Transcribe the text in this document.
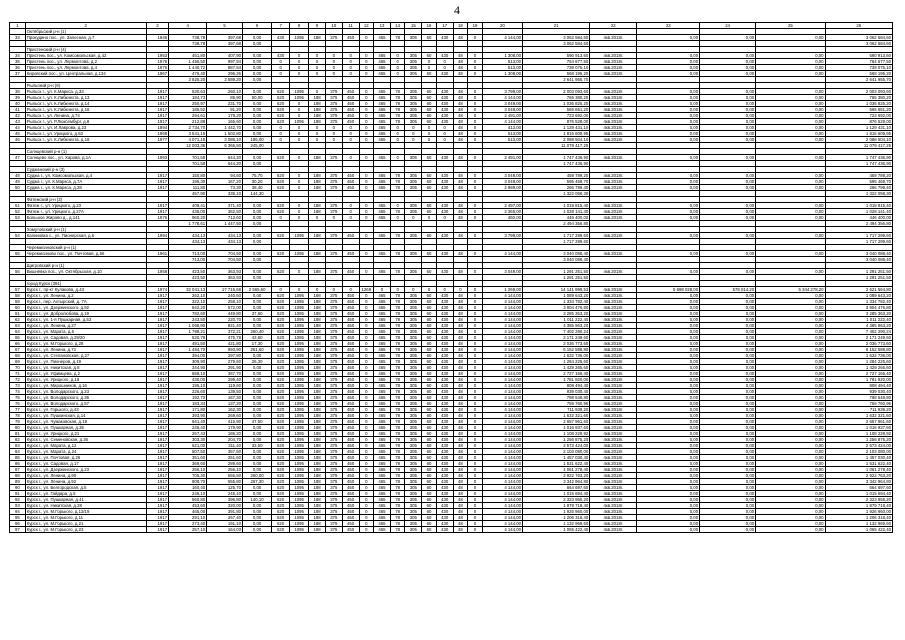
4
1	2	3	4	5	6	7	8	9	10	11	12	13	14	15	16	17	18	19	20	21	22	23	24	25	26
	Октябрьский р-н (1)																								
33	Прокудино пос., ул. Залесная, д.7	1946	738,78	397,68	0,00	430	1095	188	375	450	0	465	78	305	60	430	48	0	4 144,00	3 062 584,60	4кв.2018г.	0,00	0,00	0,00	3 062 584,60
			738,78	397,68	0,00															3 062 584,60					3 062 584,60
	Пристенский р-н (4)																								
34	Пристень пос., ул. Комсомольская, д.42	1953	451,80	407,90	0,00	430	0	0	0	0	0	465	0	305	60	430	48	0	1 308,00	590 913,60	4кв.2018г.	0,00	0,00	0,00	590 913,60
35	Пристень пос., ул. Лермонтова, д.2	1976	1 456,50	997,94	0,00	0	0	0	0	0	0	465	0	305	0	0	48	0	513,00	764 677,50	4кв.2018г.	0,00	0,00	0,00	764 677,50
36	Пристень пос., ул. Лермонтова, д.4	1976	1 440,72	887,84	0,00	0	0	0	0	0	0	465	0	305	0	0	48	0	513,00	739 075,10	4кв.2018г.	0,00	0,00	0,00	739 075,10
37	Кировский пос., ул. Центральная, д.134	1967	476,40	296,26	0,00	0	0	0	0	0	0	465	0	305	60	430	48	0	1 308,00	568 195,20	4кв.2018г.	0,00	0,00	0,00	568 195,20
			3 825,20	2 589,20	0,00															2 641 955,70					2 641 955,70
	Рыльский р-н (9)																								
38	Рыльск г., ул. К.Маркса, д.33	1917	530,63	260,10	0,00	620	1095	0	375	450	0	465	78	305	60	430	48	0	3 798,00	2 003 093,60	4кв.2018г.	0,00	0,00	0,00	2 003 093,60
39	Рыльск г., ул. К.Либкнехта, д.13	1917	184,73	85,90	50,00	620	1095	188	375	450	0	465	78	305	60	430	48	0	4 144,00	765 380,20	4кв.2018г.	0,00	0,00	0,00	765 380,20
40	Рыльск г., ул. К.Либкнехта, д.14	1917	250,97	231,70	0,00	620	0	188	375	450	0	465	78	305	60	430	48	0	3 049,00	1 036 825,20	4кв.2018г.	0,00	0,00	0,00	1 036 825,20
41	Рыльск г., ул. К.Либкнехта, д.16	1917	185,52	91,20	0,00	620	0	188	375	450	0	465	78	305	60	430	48	0	3 049,00	565 651,20	4кв.2018г.	0,00	0,00	0,00	565 651,20
42	Рыльск г., ул. Ленина, д.74	1917	294,61	179,20	0,00	620	0	188	375	450	0	465	78	305	60	430	48	0	2 491,00	723 692,00	4кв.2018г.	0,00	0,00	0,00	723 692,00
43	Рыльск г., ул. Р.Люксембург, д.8	1917	212,88	165,60	0,00	620	1095	188	375	450	0	465	78	305	60	430	48	0	4 144,00	876 528,00	4кв.2018г.	0,00	0,00	0,00	876 528,00
44	Рыльск г., ул. И.Лаврова, д.23	1894	2 734,70	1 442,70	0,00	0	0	0	0	0	0	465	0	0	0	0	48	0	413,00	1 129 431,10	4кв.2018г.	0,00	0,00	0,00	1 129 431,10
45	Рыльск г., ул. Урицкого, д.62	1968	3 541,15	1 502,80	0,00	0	0	0	0	0	0	465	0	0	0	0	48	0	513,00	1 816 609,95	4кв.2018г.	0,00	0,00	0,00	1 816 609,95
46	Рыльск г., ул. К.Либкнехта, д.18	1977	4 071,16	2 086,10	185,00	0	0	0	0	0	0	465	0	0	0	0	48	0	513,00	2 088 504,10	4кв.2018г.	0,00	0,00	0,00	2 088 504,10
			12 003,36	6 365,50	245,00															11 079 417,25					11 079 417,25
	Солнцевский р-н (1)																								
47	Солнцево пос., ул. Харова, д.1А	1993	701,58	644,20	0,00	620	0	188	375	0	0	465	0	305	60	430	48	0	2 491,00	1 747 436,90	4кв.2018г.	0,00	0,00	0,00	1 747 436,90
			701,58	644,20	0,00															1 747 436,90					1 747 436,90
	Суджанский р-н (3)																								
48	Суджа г., ул. Комсомольская, д.4	1917	150,80	94,60	75,70	620	0	188	375	450	0	465	78	305	60	430	48	0	3 049,00	459 789,20	4кв.2018г.	0,00	0,00	0,00	459 789,20
49	Суджа г., ул. К.Маркса, д.7А	1917	195,30	167,20	30,20	620	0	188	375	450	0	465	78	305	60	430	48	0	3 049,00	595 469,70	4кв.2018г.	0,00	0,00	0,00	595 469,70
50	Суджа г., ул. К.Маркса, д.28	1917	111,80	73,30	38,40	620	0	188	375	450	0	465	78	305	60	430	48	0	2 989,00	266 799,40	4кв.2018г.	0,00	0,00	0,00	266 799,40
			457,90	335,10	144,30															1 322 058,30					1 322 058,30
	Фатежский р-н (3)																								
51	Фатеж г., ул. Урицкого, д.23	1917	409,41	371,40	0,00	620	0	188	375	0	0	465	0	305	60	430	48	0	2 497,00	1 019 815,40	4кв.2018г.	0,00	0,00	0,00	1 019 815,40
52	Фатеж г., ул. Урицкого, д.27А	1917	435,00	362,50	0,00	620	0	188	375	0	0	465	78	305	60	430	48	0	2 365,00	1 028 141,40	4кв.2018г.	0,00	0,00	0,00	1 028 141,40
53	Большое Жирово д., д.141	1976	960,20	713,60	0,00	0	0	0	0	0	0	465	0	0	0	0	48	0	460,00	446 400,00	4кв.2018г.	0,00	0,00	0,00	446 400,00
			1 778,61	1 447,50	0,00															2 494 356,80					2 494 356,80
	Хомутовский р-н (1)																								
54	Калиновка с., ул. Пионерская, д.6	1994	434,13	434,13	0,00	620	1095	188	375	450	0	465	78	305	60	430	48	0	3 798,00	1 717 299,60	4кв.2018г.	0,00	0,00	0,00	1 717 299,60
			434,13	434,13	0,00															1 717 299,60					1 717 299,60
	Черемисиновский р-н (1)																								
55	Черемисиново пос., ул. Почтовая, д.56	1961	713,00	704,50	0,00	620	1095	188	375	450	0	465	78	305	60	430	48	0	4 144,00	3 040 088,40	4кв.2018г.	0,00	0,00	0,00	3 040 088,40
			713,00	704,50	0,00															3 040 088,40					3 040 088,40
	Щигровский р-н (1)																								
56	Вишнёвка пос., ул. Октябрьская, д.10	1958	423,50	363,93	0,00	620	0	188	375	450	0	465	78	305	60	430	48	0	3 049,00	1 291 251,50	4кв.2018г.	0,00	0,00	0,00	1 291 251,50
			423,50	363,93	0,00															1 291 251,50					1 291 251,50
	город Курск (391)																								
57	Курск г., пр-кт Кулакова, д.43	1974	32 041,13	17 715,68	2 565,60	0	0	0	0	0	1269	0	0	0	0	0	0	0	1 269,00	14 141 999,53	4кв.2018г.	5 698 028,00	578 014,20	5 344 278,20	2 621 564,80
58	Курск г., ул. Ленина, д.2	1917	262,10	240,60	0,00	620	1095	188	375	450	0	465	78	305	60	430	48	0	4 144,00	1 089 643,20	4кв.2018г.	0,00	0,00	0,00	1 089 643,20
59	Курск г., пер. Ахтырский, д. 7А	1917	322,10	258,10	0,00	620	1095	188	375	450	0	465	78	305	60	430	48	0	4 144,00	1 334 782,40	4кв.2018г.	0,00	0,00	0,00	1 334 782,40
60	Курск г., ул. Дзержинского, д.92	1917	942,20	572,00	0,00	620	1095	188	375	450	0	465	78	305	60	430	48	0	4 144,00	3 904 476,80	4кв.2018г.	0,00	0,00	0,00	3 904 476,80
61	Курск г., ул. Добролюбова, д.19	1917	782,60	449,80	37,60	620	1095	188	375	450	0	465	78	305	60	430	48	0	4 144,00	3 285 363,20	4кв.2018г.	0,00	0,00	0,00	3 285 363,20
62	Курск г., ул. 1-я Пушкарная, д.53	1917	243,50	220,70	0,00	620	1095	188	375	450	0	465	78	305	60	430	48	0	4 144,00	1 011 222,40	4кв.2018г.	0,00	0,00	0,00	1 011 222,40
63	Курск г., ул. Ленина, д.27	1917	1 068,90	821,40	0,00	620	1095	188	375	450	0	465	78	305	60	430	48	0	4 144,00	4 385 963,20	4кв.2018г.	0,00	0,00	0,00	4 385 963,20
64	Курск г., ул. Марата, д.6	1917	1 788,21	372,21	260,40	620	1095	188	375	450	0	465	78	305	60	430	48	0	4 144,00	7 402 290,24	4кв.2018г.	0,00	0,00	0,00	7 402 290,24
65	Курск г., ул. Садовая, д.29/20	1917	520,78	475,78	43,60	620	1095	188	375	450	0	465	78	305	60	430	48	0	4 144,00	2 171 249,60	4кв.2018г.	0,00	0,00	0,00	2 171 249,60
66	Курск г., ул. М.Горького, д.28	1917	491,50	421,80	17,30	620	1095	188	375	450	0	465	78	305	60	430	48	0	4 144,00	2 036 773,60	4кв.2018г.	0,00	0,00	0,00	2 036 773,60
67	Курск г., ул. Ленина, д.71	1917	1 484,70	993,90	261,60	620	1095	188	375	450	0	465	78	305	60	430	48	0	4 144,00	6 152 588,80	4кв.2018г.	0,00	0,00	0,00	6 152 588,80
68	Курск г., ул. Степановская, д.27	1917	394,00	297,80	0,00	620	1095	188	375	450	0	465	78	305	60	430	48	0	4 144,00	1 632 736,00	4кв.2018г.	0,00	0,00	0,00	1 632 736,00
69	Курск г., ул. Пионеров, д.19	1917	309,90	279,60	26,30	620	1095	188	375	450	0	465	78	305	60	430	48	0	4 144,00	1 284 225,60	4кв.2018г.	0,00	0,00	0,00	1 284 225,60
70	Курск г., ул. Никитская, д.8	1917	344,90	291,90	0,00	620	1095	188	375	450	0	465	78	305	60	430	48	0	4 144,00	1 429 265,60	4кв.2018г.	0,00	0,00	0,00	1 429 265,60
71	Курск г., ул. Уфимцева, д.2	1917	658,10	367,70	0,00	620	1095	188	375	450	0	465	78	305	60	430	48	0	4 144,00	2 727 166,40	4кв.2018г.	0,00	0,00	0,00	2 727 166,40
72	Курск г., ул. Урицкого, д.18	1917	430,00	299,40	0,00	620	1095	188	375	450	0	465	78	305	60	430	48	0	4 144,00	1 781 920,00	4кв.2018г.	0,00	0,00	0,00	1 781 920,00
73	Курск г., ул. Мирошников, д.16	1917	195,10	119,60	0,00	620	1095	188	375	450	0	465	78	305	60	430	48	0	4 144,00	808 494,40	4кв.2018г.	0,00	0,00	0,00	808 494,40
74	Курск г., ул. Володарского, д.23	1917	226,60	139,50	0,00	620	1095	188	375	450	0	465	78	305	60	430	48	0	4 144,00	939 030,40	4кв.2018г.	0,00	0,00	0,00	939 030,40
75	Курск г., ул. Володарского, д.36	1917	192,70	167,30	0,00	620	1095	188	375	450	0	465	78	305	60	430	48	0	4 144,00	798 548,80	4кв.2018г.	0,00	0,00	0,00	798 548,80
76	Курск г., ул. Володарского, д.57	1917	183,34	137,20	0,00	620	1095	188	375	450	0	465	78	305	60	430	48	0	4 144,00	759 760,96	4кв.2018г.	0,00	0,00	0,00	759 760,96
77	Курск г., ул. Горького, д.43	1917	171,80	162,30	0,00	620	1095	188	375	450	0	465	78	305	60	430	48	0	4 144,00	711 939,20	4кв.2018г.	0,00	0,00	0,00	711 939,20
78	Курск г., ул. Пушкинская, д.14	1917	393,90	269,60	0,00	620	1095	188	375	450	0	465	78	305	60	430	48	0	4 144,00	1 632 321,60	4кв.2018г.	0,00	0,00	0,00	1 632 321,60
79	Курск г., ул. Чумаковская, д.19	1917	641,40	415,90	47,50	620	1095	188	375	450	0	465	78	305	60	430	48	0	4 144,00	2 657 961,60	4кв.2018г.	0,00	0,00	0,00	2 657 961,60
80	Курск г., ул. Пушкарная, д.35	1917	245,40	179,90	0,00	620	1095	188	375	450	0	465	78	305	60	430	48	0	4 144,00	1 016 937,60	4кв.2018г.	0,00	0,00	0,00	1 016 937,60
81	Курск г., ул. Урицкого, д.21	1917	267,43	186,20	0,00	620	1095	188	375	450	0	465	78	305	60	430	48	0	4 144,00	1 108 229,92	4кв.2018г.	0,00	0,00	0,00	1 108 229,92
82	Курск г., ул. Семеновская, д.36	1917	303,30	204,70	0,00	620	1095	188	375	450	0	465	78	305	60	430	48	0	4 144,00	1 256 875,20	4кв.2018г.	0,00	0,00	0,00	1 256 875,20
83	Курск г., ул. Марата, д.12	1917	621,00	311,40	33,50	620	1095	188	375	450	0	465	78	305	60	430	48	0	4 144,00	2 573 424,00	4кв.2018г.	0,00	0,00	0,00	2 573 424,00
84	Курск г., ул. Марата, д.24	1917	507,50	357,50	0,00	620	1095	188	375	450	0	465	78	305	60	430	48	0	4 144,00	2 103 080,00	4кв.2018г.	0,00	0,00	0,00	2 103 080,00
85	Курск г., ул. Почтовая, д.26	1917	351,60	251,60	0,00	620	1095	188	375	450	0	465	78	305	60	430	48	0	4 144,00	1 457 030,40	4кв.2018г.	0,00	0,00	0,00	1 457 030,40
86	Курск г., ул. Садовая, д.17	1917	369,60	289,60	0,00	620	1095	188	375	450	0	465	78	305	60	430	48	0	4 144,00	1 531 622,40	4кв.2018г.	0,00	0,00	0,00	1 531 622,40
87	Курск г., ул. Дзержинского, д.23	1917	256,10	256,10	0,00	620	1095	188	375	450	0	465	78	305	60	430	48	0	4 144,00	1 061 278,40	4кв.2018г.	0,00	0,00	0,00	1 061 278,40
88	Курск г., ул. Ленина, д.90	1917	705,30	556,50	260,00	620	1095	188	375	450	0	465	78	305	60	430	48	0	4 144,00	2 922 763,20	4кв.2018г.	0,00	0,00	0,00	2 922 763,20
89	Курск г., ул. Ленина, д.92	1917	808,70	555,80	267,30	620	1095	188	375	450	0	465	78	305	60	430	48	0	4 144,00	3 342 964,80	4кв.2018г.	0,00	0,00	0,00	3 342 964,80
90	Курск г., ул. Белгородская, д.5	1917	160,40	125,70	0,00	620	1095	188	375	450	0	465	78	305	60	430	48	0	4 144,00	664 697,60	4кв.2018г.	0,00	0,00	0,00	664 697,60
91	Курск г., ул. Гайдара, д.5	1917	245,10	245,10	0,00	620	1095	188	375	450	0	465	78	305	60	430	48	0	4 144,00	1 015 694,40	4кв.2018г.	0,00	0,00	0,00	1 015 694,40
92	Курск г., ул. Пушкарная, д.41	1917	560,80	396,80	140,10	620	1095	188	375	450	0	465	78	305	60	430	48	0	4 144,00	2 323 955,20	4кв.2018г.	0,00	0,00	0,00	2 323 955,20
93	Курск г., ул. Никитская, д.28	1917	453,60	320,00	0,00	620	1095	188	375	450	0	465	78	305	60	430	48	0	4 144,00	1 879 718,40	4кв.2018г.	0,00	0,00	0,00	1 879 718,40
94	Курск г., ул. М.Горького, д.13/19	1917	465,00	391,80	0,00	620	1095	188	375	450	0	465	78	305	60	430	48	0	4 144,00	1 926 960,00	4кв.2018г.	0,00	0,00	0,00	1 926 960,00
95	Курск г., ул. М.Горького, д.11	1917	291,10	267,40	0,00	620	1095	188	375	450	0	465	78	305	60	430	48	0	4 144,00	1 206 318,40	4кв.2018г.	0,00	0,00	0,00	1 206 318,40
96	Курск г., ул. М.Горького, д.21	1917	273,40	191,10	0,00	620	1095	188	375	450	0	465	78	305	60	430	48	0	4 144,00	1 132 969,60	4кв.2018г.	0,00	0,00	0,00	1 132 969,60
97	Курск г., ул. М.Горького, д.23	1917	257,10	164,03	0,00	620	1095	188	375	450	0	465	78	305	60	430	48	0	4 144,00	1 065 422,40	4кв.2018г.	0,00	0,00	0,00	1 065 422,40
